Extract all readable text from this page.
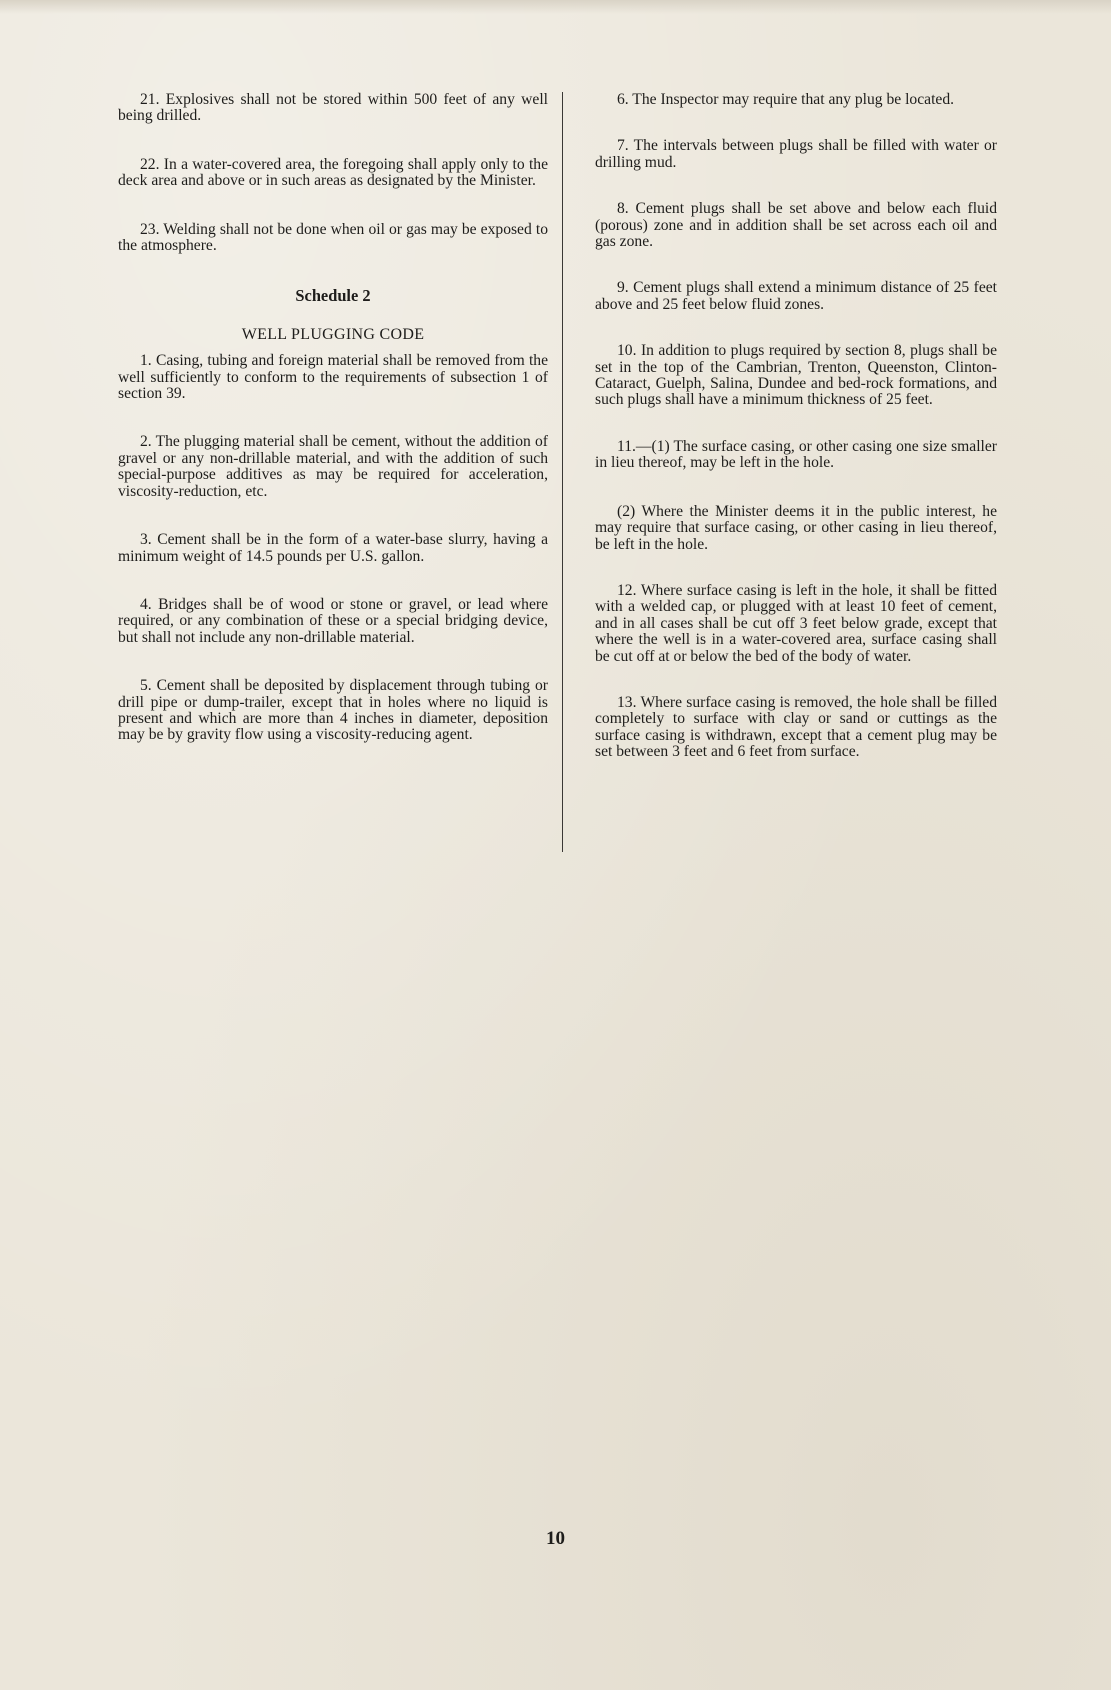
21. Explosives shall not be stored within 500 feet of any well being drilled.

22. In a water-covered area, the foregoing shall apply only to the deck area and above or in such areas as designated by the Minister.

23. Welding shall not be done when oil or gas may be exposed to the atmosphere.

Schedule 2

WELL PLUGGING CODE

1. Casing, tubing and foreign material shall be removed from the well sufficiently to conform to the requirements of subsection 1 of section 39.

2. The plugging material shall be cement, without the addition of gravel or any non-drillable material, and with the addition of such special-purpose additives as may be required for acceleration, viscosity-reduction, etc.

3. Cement shall be in the form of a water-base slurry, having a minimum weight of 14.5 pounds per U.S. gallon.

4. Bridges shall be of wood or stone or gravel, or lead where required, or any combination of these or a special bridging device, but shall not include any non-drillable material.

5. Cement shall be deposited by displacement through tubing or drill pipe or dump-trailer, except that in holes where no liquid is present and which are more than 4 inches in diameter, deposition may be by gravity flow using a viscosity-reducing agent.

6. The Inspector may require that any plug be located.

7. The intervals between plugs shall be filled with water or drilling mud.

8. Cement plugs shall be set above and below each fluid (porous) zone and in addition shall be set across each oil and gas zone.

9. Cement plugs shall extend a minimum distance of 25 feet above and 25 feet below fluid zones.

10. In addition to plugs required by section 8, plugs shall be set in the top of the Cambrian, Trenton, Queenston, Clinton-Cataract, Guelph, Salina, Dundee and bed-rock formations, and such plugs shall have a minimum thickness of 25 feet.

11.—(1) The surface casing, or other casing one size smaller in lieu thereof, may be left in the hole.

(2) Where the Minister deems it in the public interest, he may require that surface casing, or other casing in lieu thereof, be left in the hole.

12. Where surface casing is left in the hole, it shall be fitted with a welded cap, or plugged with at least 10 feet of cement, and in all cases shall be cut off 3 feet below grade, except that where the well is in a water-covered area, surface casing shall be cut off at or below the bed of the body of water.

13. Where surface casing is removed, the hole shall be filled completely to surface with clay or sand or cuttings as the surface casing is withdrawn, except that a cement plug may be set between 3 feet and 6 feet from surface.

10
